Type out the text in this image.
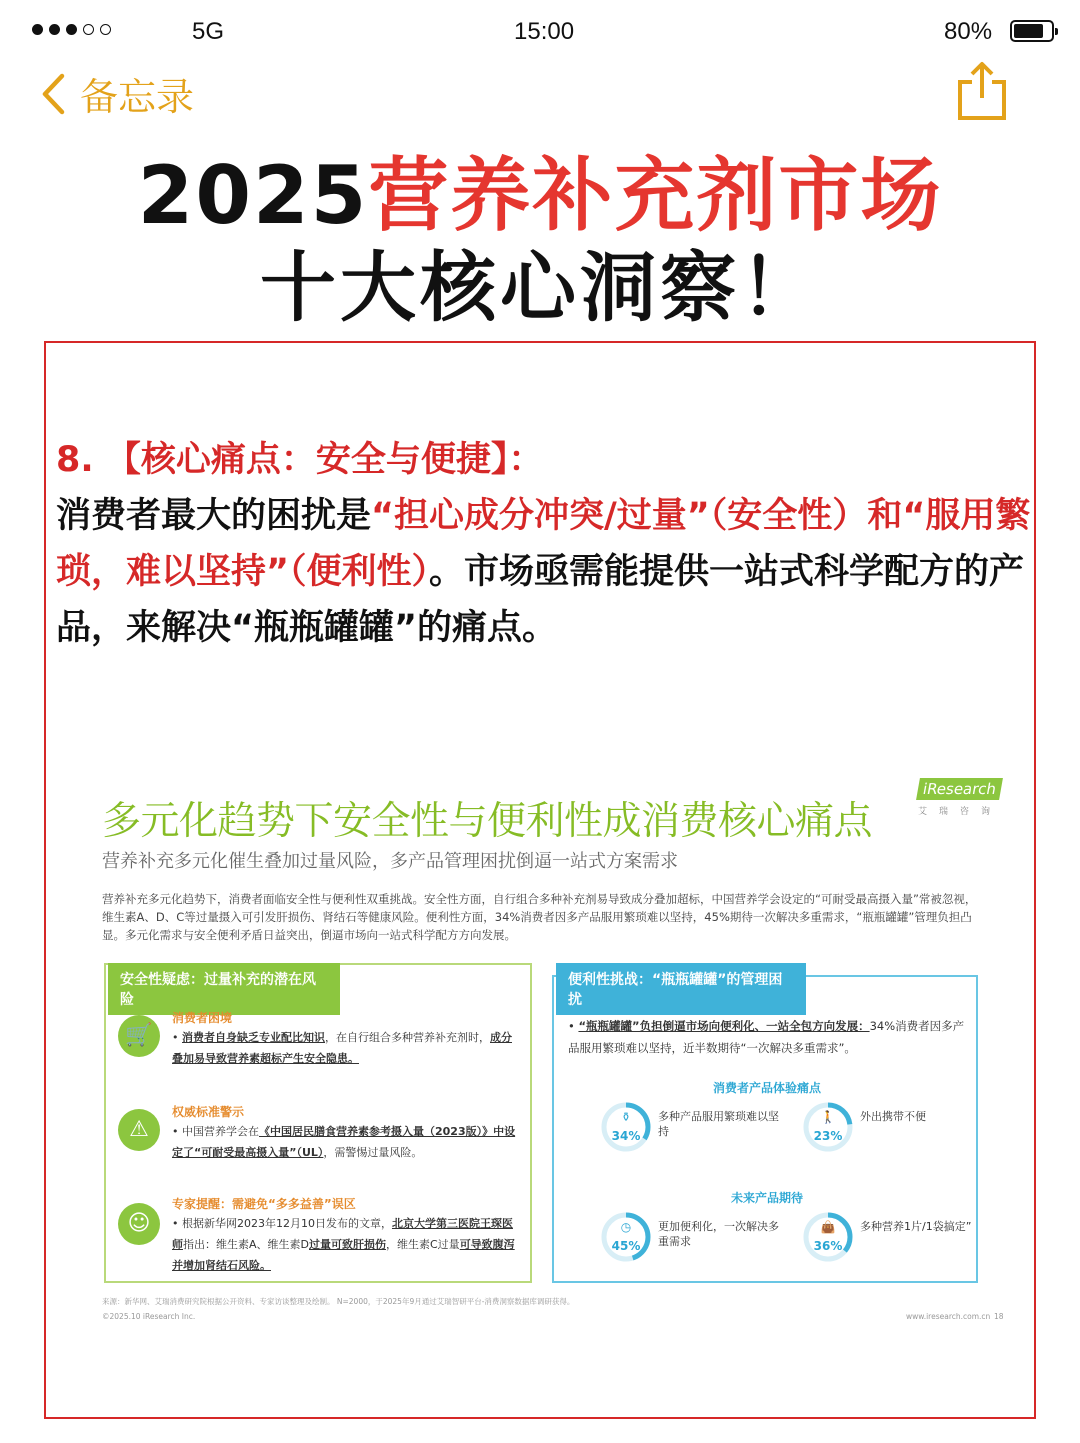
5G	15:00	80%
备忘录
2025营养补充剂市场
十大核心洞察！
8. 【核心痛点：安全与便捷】：
消费者最大的困扰是“担心成分冲突/过量”（安全性）和“服用繁琐，难以坚持”（便利性）。市场亟需能提供一站式科学配方的产品，来解决“瓶瓶罐罐”的痛点。
多元化趋势下安全性与便利性成消费核心痛点
营养补充多元化催生叠加过量风险，多产品管理困扰倒逼一站式方案需求
iResearch
艾瑞咨询
营养补充多元化趋势下，消费者面临安全性与便利性双重挑战。安全性方面，自行组合多种补充剂易导致成分叠加超标，中国营养学会设定的“可耐受最高摄入量”常被忽视，维生素A、D、C等过量摄入可引发肝损伤、肾结石等健康风险。便利性方面，34%消费者因多产品服用繁琐难以坚持，45%期待一次解决多重需求，“瓶瓶罐罐”管理负担凸显。多元化需求与安全便利矛盾日益突出，倒逼市场向一站式科学配方方向发展。
安全性疑虑：过量补充的潜在风险
🛒
消费者困境
• 消费者自身缺乏专业配比知识，在自行组合多种营养补充剂时，成分叠加易导致营养素超标产生安全隐患。
⚠
权威标准警示
• 中国营养学会在《中国居民膳食营养素参考摄入量（2023版）》中设定了“可耐受最高摄入量”（UL），需警惕过量风险。
☺
专家提醒：需避免“多多益善”误区
• 根据新华网2023年12月10日发布的文章，北京大学第三医院王琛医师指出：维生素A、维生素D过量可致肝损伤，维生素C过量可导致腹泻并增加肾结石风险。
便利性挑战：“瓶瓶罐罐”的管理困扰
• “瓶瓶罐罐”负担倒逼市场向便利化、一站全包方向发展：34%消费者因多产品服用繁琐难以坚持，近半数期待“一次解决多重需求”。
消费者产品体验痛点
⚱
34%
多种产品服用繁琐难以坚持
🚶
23%
外出携带不便
未来产品期待
◷
45%
更加便利化，一次解决多重需求
👜
36%
多种营养1片/1袋搞定”
来源：新华网、艾瑞消费研究院根据公开资料、专家访谈整理及绘制。 N=2000，于2025年9月通过艾瑞智研平台-消费洞察数据库调研获得。
©2025.10 iResearch Inc.	www.iresearch.com.cn 18
